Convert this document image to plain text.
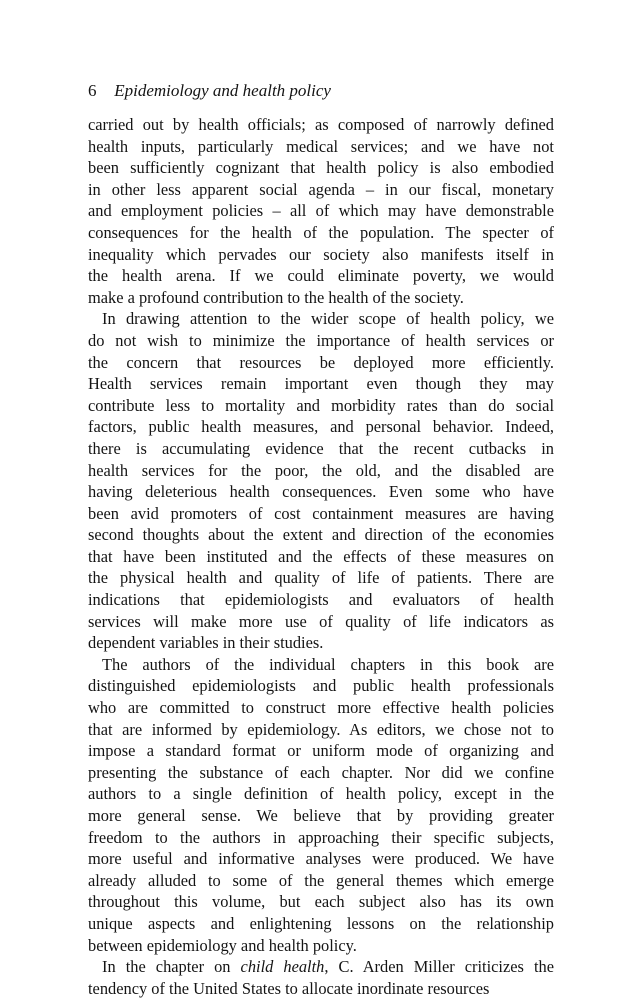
6 Epidemiology and health policy

carried out by health officials; as composed of narrowly defined
health inputs, particularly medical services; and we have not
been sufficiently cognizant that health policy is also embodied
in other less apparent social agenda – in our fiscal, monetary
and employment policies – all of which may have demonstrable
consequences for the health of the population. The specter of
inequality which pervades our society also manifests itself in
the health arena. If we could eliminate poverty, we would
make a profound contribution to the health of the society.

In drawing attention to the wider scope of health policy, we
do not wish to minimize the importance of health services or
the concern that resources be deployed more efficiently.
Health services remain important even though they may
contribute less to mortality and morbidity rates than do social
factors, public health measures, and personal behavior. Indeed,
there is accumulating evidence that the recent cutbacks in
health services for the poor, the old, and the disabled are
having deleterious health consequences. Even some who have
been avid promoters of cost containment measures are having
second thoughts about the extent and direction of the economies
that have been instituted and the effects of these measures on
the physical health and quality of life of patients. There are
indications that epidemiologists and evaluators of health
services will make more use of quality of life indicators as
dependent variables in their studies.

The authors of the individual chapters in this book are
distinguished epidemiologists and public health professionals
who are committed to construct more effective health policies
that are informed by epidemiology. As editors, we chose not to
impose a standard format or uniform mode of organizing and
presenting the substance of each chapter. Nor did we confine
authors to a single definition of health policy, except in the
more general sense. We believe that by providing greater
freedom to the authors in approaching their specific subjects,
more useful and informative analyses were produced. We have
already alluded to some of the general themes which emerge
throughout this volume, but each subject also has its own
unique aspects and enlightening lessons on the relationship
between epidemiology and health policy.

In the chapter on child health, C. Arden Miller criticizes the
tendency of the United States to allocate inordinate resources
